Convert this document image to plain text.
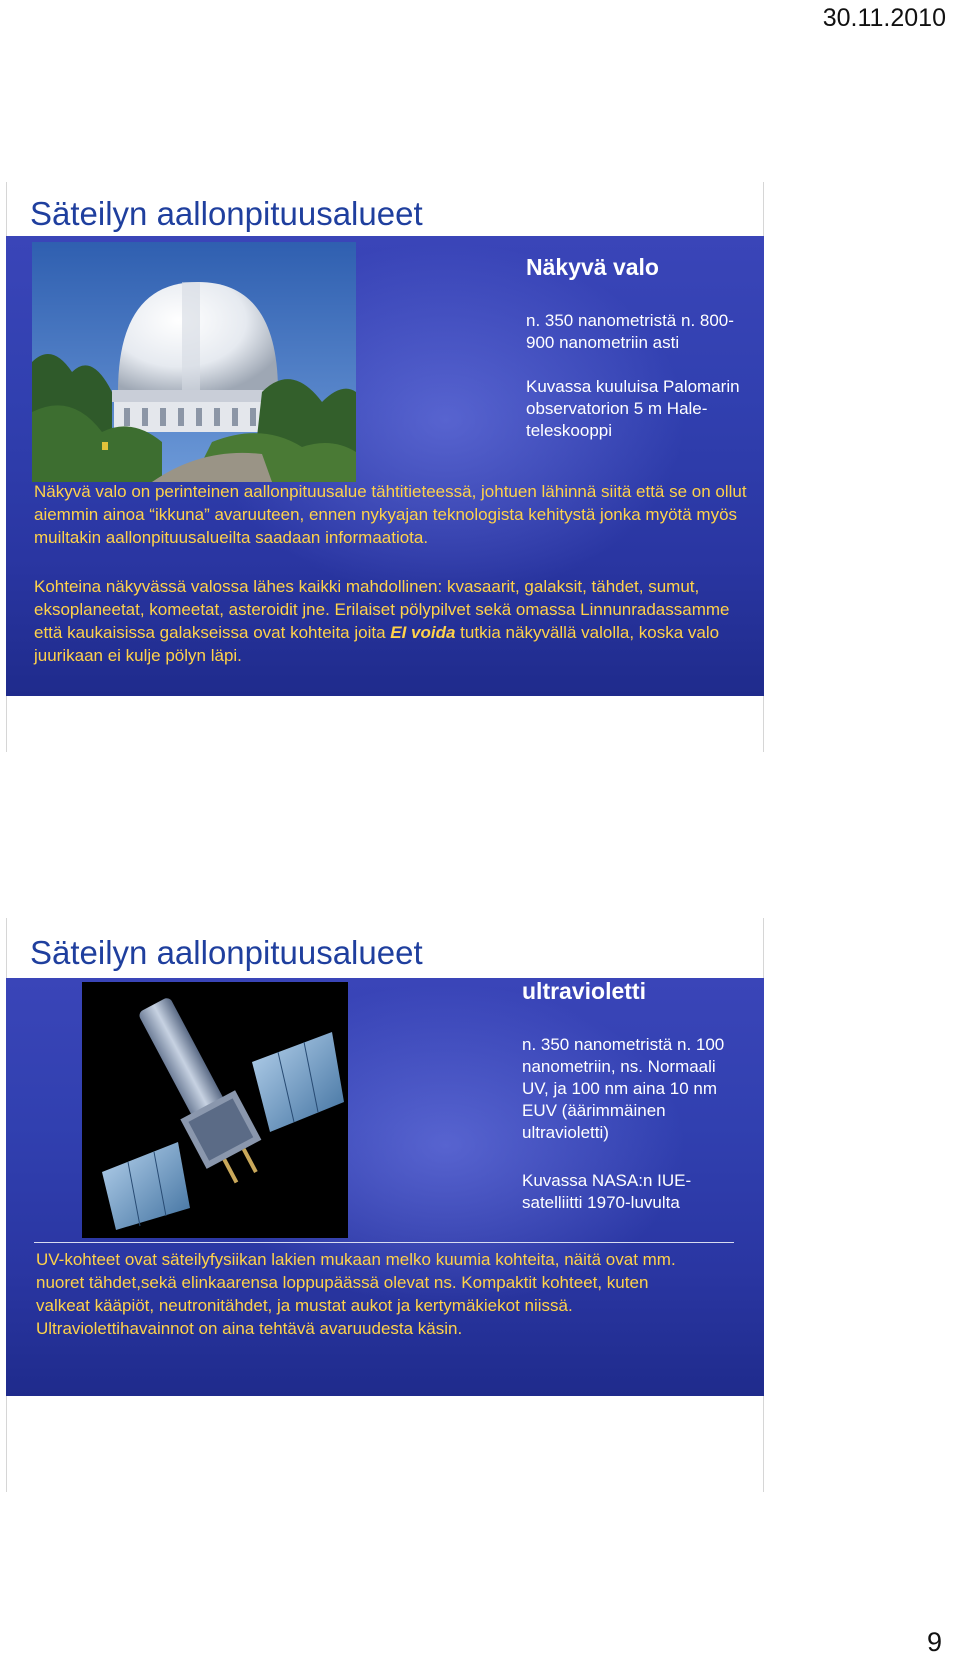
30.11.2010
Säteilyn aallonpituusalueet
Näkyvä valo
n. 350 nanometristä n. 800-900 nanometriin asti
Kuvassa kuuluisa Palomarin observatorion 5 m Hale-teleskooppi
Näkyvä valo on perinteinen aallonpituusalue tähtitieteessä, johtuen lähinnä siitä että se on ollut aiemmin ainoa “ikkuna” avaruuteen, ennen nykyajan teknologista kehitystä jonka myötä myös muiltakin aallonpituusalueilta saadaan informaatiota.
Kohteina näkyvässä valossa lähes kaikki mahdollinen: kvasaarit, galaksit, tähdet, sumut, eksoplaneetat, komeetat, asteroidit jne. Erilaiset pölypilvet sekä omassa Linnunradassamme että kaukaisissa galakseissa ovat kohteita joita EI voida tutkia näkyvällä valolla, koska valo juurikaan ei kulje pölyn läpi.
Säteilyn aallonpituusalueet
ultravioletti
n. 350 nanometristä n. 100 nanometriin, ns. Normaali UV, ja 100 nm aina 10 nm EUV (äärimmäinen ultravioletti)
Kuvassa NASA:n IUE-satelliitti 1970-luvulta
UV-kohteet ovat säteilyfysiikan lakien mukaan melko kuumia kohteita, näitä ovat mm. nuoret tähdet,sekä elinkaarensa loppupäässä olevat ns. Kompaktit kohteet, kuten valkeat kääpiöt, neutronitähdet, ja mustat aukot ja kertymäkiekot niissä. Ultraviolettihavainnot on aina tehtävä avaruudesta käsin.
9
